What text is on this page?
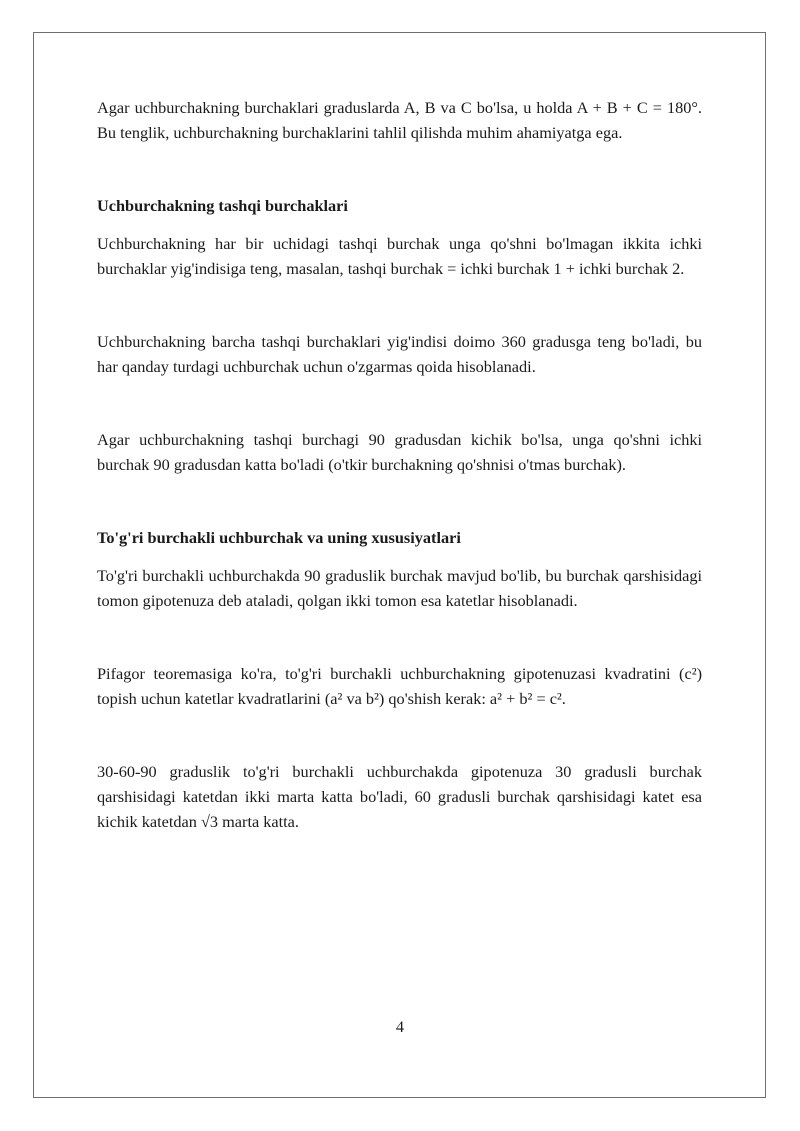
Agar uchburchakning burchaklari graduslarda A, B va C bo'lsa, u holda A + B + C = 180°. Bu tenglik, uchburchakning burchaklarini tahlil qilishda muhim ahamiyatga ega.

Uchburchakning tashqi burchaklari

Uchburchakning har bir uchidagi tashqi burchak unga qo'shni bo'lmagan ikkita ichki burchaklar yig'indisiga teng, masalan, tashqi burchak = ichki burchak 1 + ichki burchak 2.

Uchburchakning barcha tashqi burchaklari yig'indisi doimo 360 gradusga teng bo'ladi, bu har qanday turdagi uchburchak uchun o'zgarmas qoida hisoblanadi.

Agar uchburchakning tashqi burchagi 90 gradusdan kichik bo'lsa, unga qo'shni ichki burchak 90 gradusdan katta bo'ladi (o'tkir burchakning qo'shnisi o'tmas burchak).

To'g'ri burchakli uchburchak va uning xususiyatlari

To'g'ri burchakli uchburchakda 90 graduslik burchak mavjud bo'lib, bu burchak qarshisidagi tomon gipotenuza deb ataladi, qolgan ikki tomon esa katetlar hisoblanadi.

Pifagor teoremasiga ko'ra, to'g'ri burchakli uchburchakning gipotenuzasi kvadratini (c²) topish uchun katetlar kvadratlarini (a² va b²) qo'shish kerak: a² + b² = c².

30-60-90 graduslik to'g'ri burchakli uchburchakda gipotenuza 30 gradusli burchak qarshisidagi katetdan ikki marta katta bo'ladi, 60 gradusli burchak qarshisidagi katet esa kichik katetdan √3 marta katta.

4
